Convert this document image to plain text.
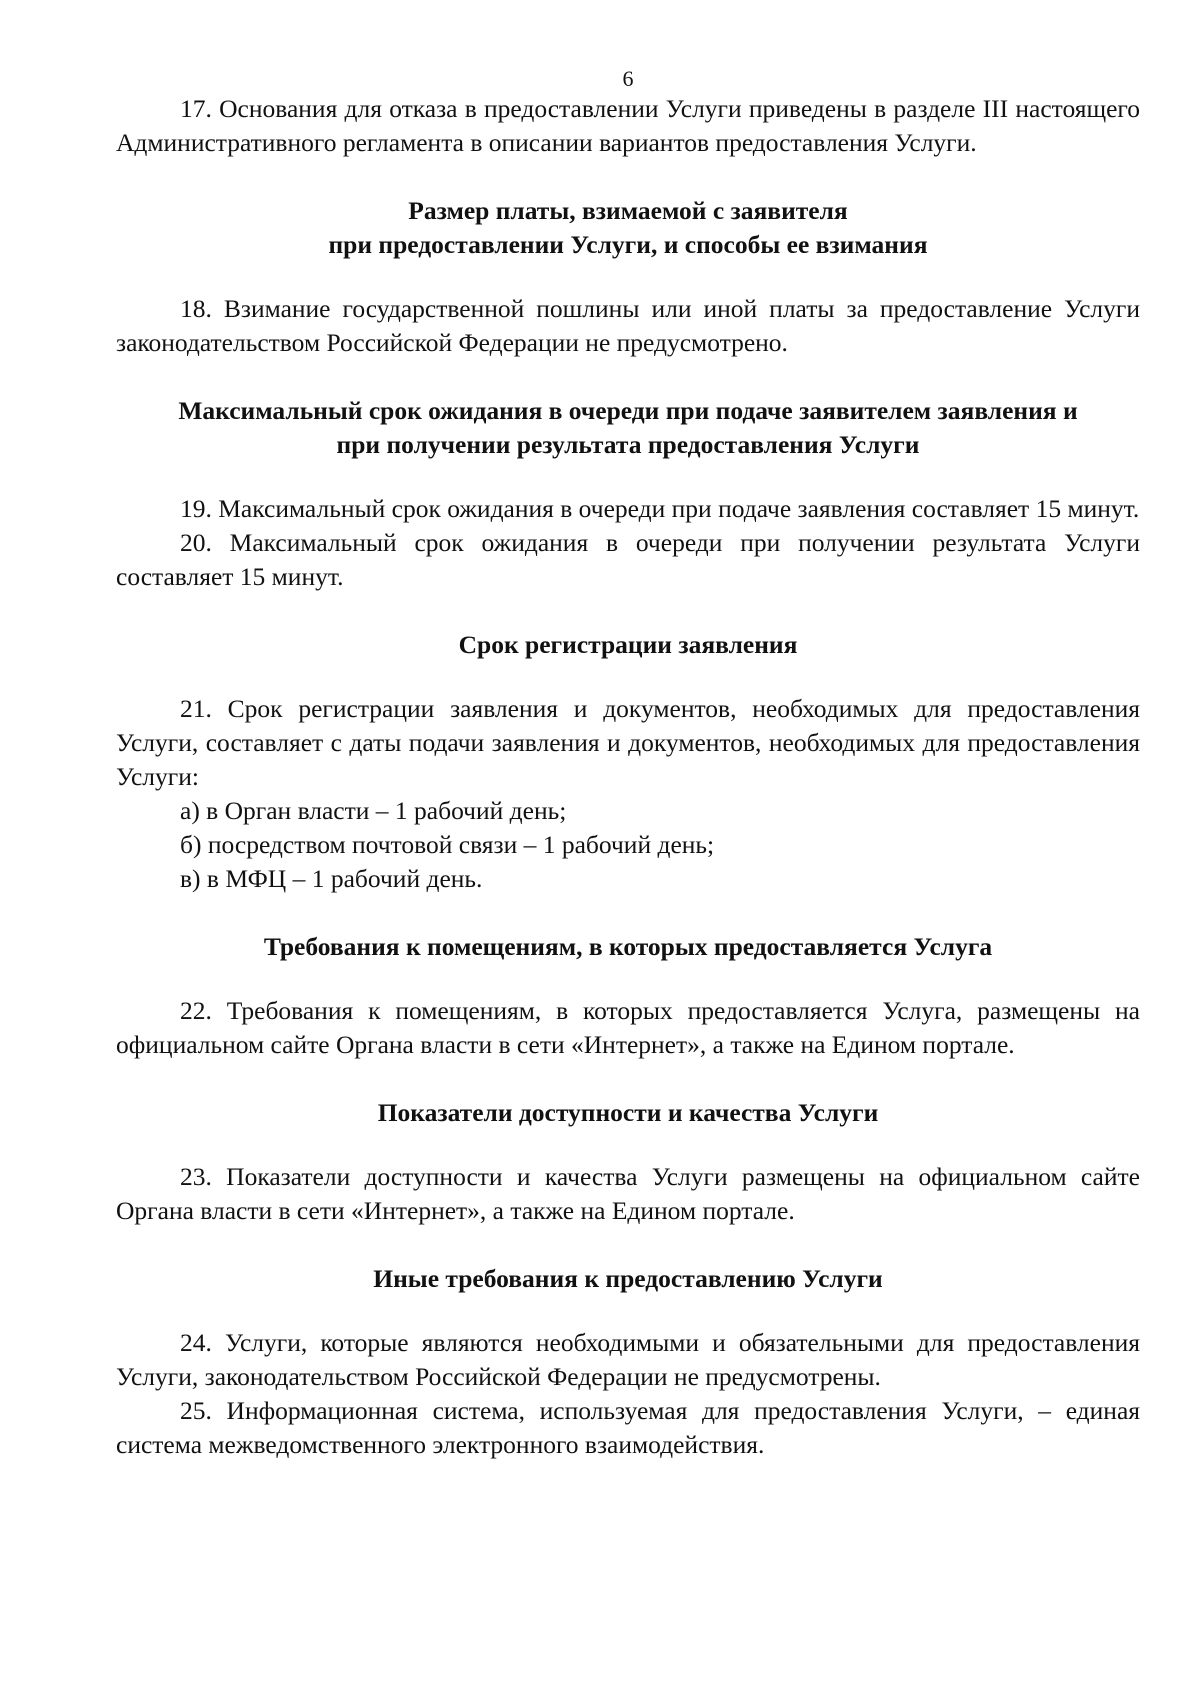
6

17. Основания для отказа в предоставлении Услуги приведены в разделе III настоящего Административного регламента в описании вариантов предоставления Услуги.

Размер платы, взимаемой с заявителя
при предоставлении Услуги, и способы ее взимания

18. Взимание государственной пошлины или иной платы за предоставление Услуги законодательством Российской Федерации не предусмотрено.

Максимальный срок ожидания в очереди при подаче заявителем заявления и
при получении результата предоставления Услуги

19. Максимальный срок ожидания в очереди при подаче заявления составляет 15 минут.

20. Максимальный срок ожидания в очереди при получении результата Услуги составляет 15 минут.

Срок регистрации заявления

21. Срок регистрации заявления и документов, необходимых для предоставления Услуги, составляет с даты подачи заявления и документов, необходимых для предоставления Услуги:

а) в Орган власти – 1 рабочий день;

б) посредством почтовой связи – 1 рабочий день;

в) в МФЦ – 1 рабочий день.

Требования к помещениям, в которых предоставляется Услуга

22. Требования к помещениям, в которых предоставляется Услуга, размещены на официальном сайте Органа власти в сети «Интернет», а также на Едином портале.

Показатели доступности и качества Услуги

23. Показатели доступности и качества Услуги размещены на официальном сайте Органа власти в сети «Интернет», а также на Едином портале.

Иные требования к предоставлению Услуги

24. Услуги, которые являются необходимыми и обязательными для предоставления Услуги, законодательством Российской Федерации не предусмотрены.

25. Информационная система, используемая для предоставления Услуги, – единая система межведомственного электронного взаимодействия.
